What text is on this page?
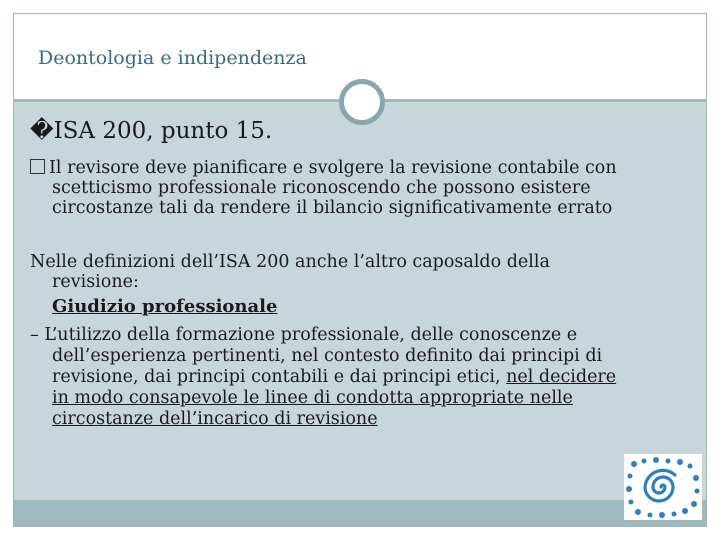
Deontologia e indipendenza
�ISA 200, punto 15.
Il revisore deve pianificare e svolgere la revisione contabile con
scetticismo professionale riconoscendo che possono esistere
circostanze tali da rendere il bilancio significativamente errato
Nelle definizioni dell’ISA 200 anche l’altro caposaldo della
revisione:
Giudizio professionale
– L’utilizzo della formazione professionale, delle conoscenze e
dell’esperienza pertinenti, nel contesto definito dai principi di
revisione, dai principi contabili e dai principi etici, nel decidere
in modo consapevole le linee di condotta appropriate nelle
circostanze dell’incarico di revisione
